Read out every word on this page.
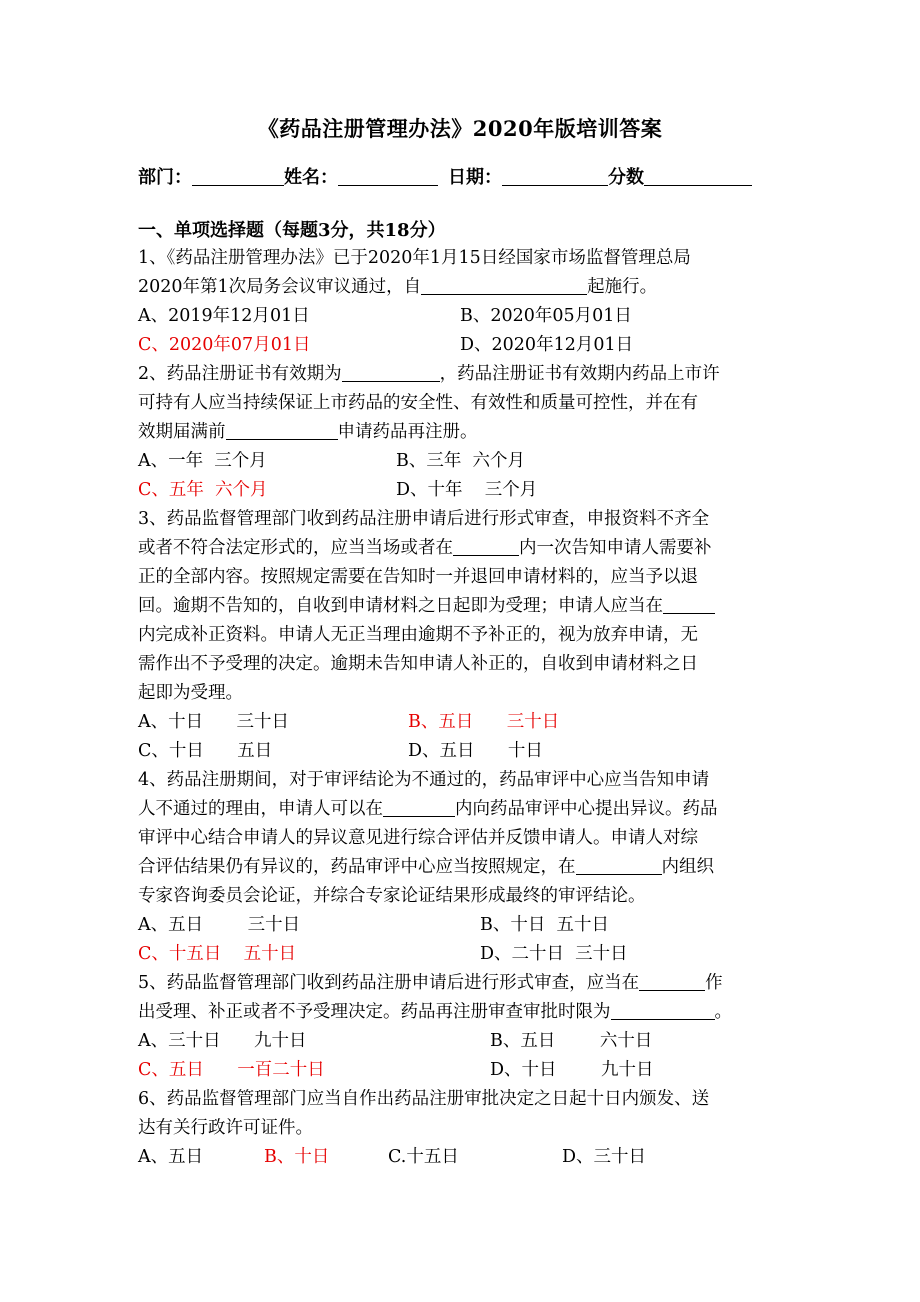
《药品注册管理办法》2020年版培训答案
部门：	姓名：	日期：	分数
一、单项选择题（每题3分，共18分）
1、《药品注册管理办法》已于2020年1月15日经国家市场监督管理总局
2020年第1次局务会议审议通过，自	起施行。
A、2019年12月01日	B、2020年05月01日
C、2020年07月01日	D、2020年12月01日
2、药品注册证书有效期为	，药品注册证书有效期内药品上市许
可持有人应当持续保证上市药品的安全性、有效性和质量可控性，并在有
效期届满前	申请药品再注册。
A、一年  三个月	B、三年  六个月
C、五年  六个月	D、十年    三个月
3、药品监督管理部门收到药品注册申请后进行形式审查，申报资料不齐全
或者不符合法定形式的，应当当场或者在	内一次告知申请人需要补
正的全部内容。按照规定需要在告知时一并退回申请材料的，应当予以退
回。逾期不告知的，自收到申请材料之日起即为受理；申请人应当在
内完成补正资料。申请人无正当理由逾期不予补正的，视为放弃申请，无
需作出不予受理的决定。逾期未告知申请人补正的，自收到申请材料之日
起即为受理。
A、十日      三十日	B、五日      三十日
C、十日      五日	D、五日      十日
4、药品注册期间，对于审评结论为不通过的，药品审评中心应当告知申请
人不通过的理由，申请人可以在	内向药品审评中心提出异议。药品
审评中心结合申请人的异议意见进行综合评估并反馈申请人。申请人对综
合评估结果仍有异议的，药品审评中心应当按照规定，在	内组织
专家咨询委员会论证，并综合专家论证结果形成最终的审评结论。
A、五日        三十日	B、十日  五十日
C、十五日    五十日	D、二十日  三十日
5、药品监督管理部门收到药品注册申请后进行形式审查，应当在	作
出受理、补正或者不予受理决定。药品再注册审查审批时限为	。
A、三十日      九十日	B、五日        六十日
C、五日      一百二十日	D、十日        九十日
6、药品监督管理部门应当自作出药品注册审批决定之日起十日内颁发、送
达有关行政许可证件。
A、五日	B、十日	C.十五日	D、三十日
